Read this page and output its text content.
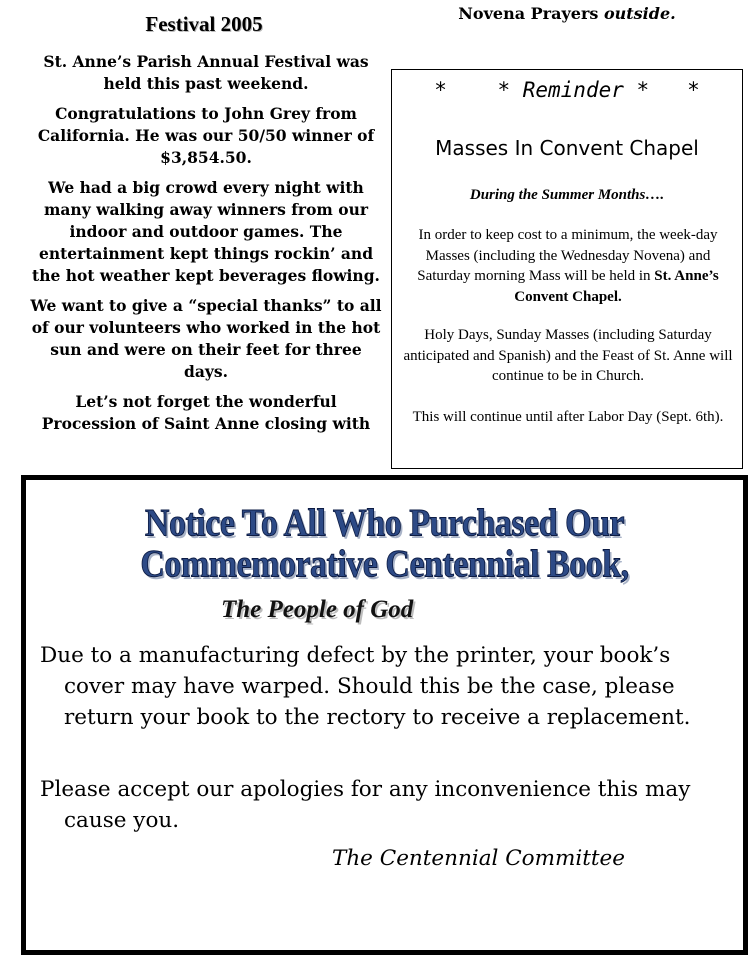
Festival 2005

St. Anne’s Parish Annual Festival was held this past weekend.

Congratulations to John Grey from California. He was our 50/50 winner of $3,854.50.

We had a big crowd every night with many walking away winners from our indoor and outdoor games. The entertainment kept things rockin’ and the hot weather kept beverages flowing.

We want to give a “special thanks” to all of our volunteers who worked in the hot sun and were on their feet for three days.

Let’s not forget the wonderful Procession of Saint Anne closing with

Novena Prayers outside.
*    * Reminder *   *
Masses In Convent Chapel
During the Summer Months….
In order to keep cost to a minimum, the week-day Masses (including the Wednesday Novena) and Saturday morning Mass will be held in St. Anne’s Convent Chapel.
Holy Days, Sunday Masses (including Saturday anticipated and Spanish) and the Feast of St. Anne will continue to be in Church.
This will continue until after Labor Day (Sept. 6th).
Notice To All Who Purchased Our
Commemorative Centennial Book,
The People of God
Due to a manufacturing defect by the printer, your book’s cover may have warped. Should this be the case, please return your book to the rectory to receive a replacement.
Please accept our apologies for any inconvenience this may cause you.
The Centennial Committee
